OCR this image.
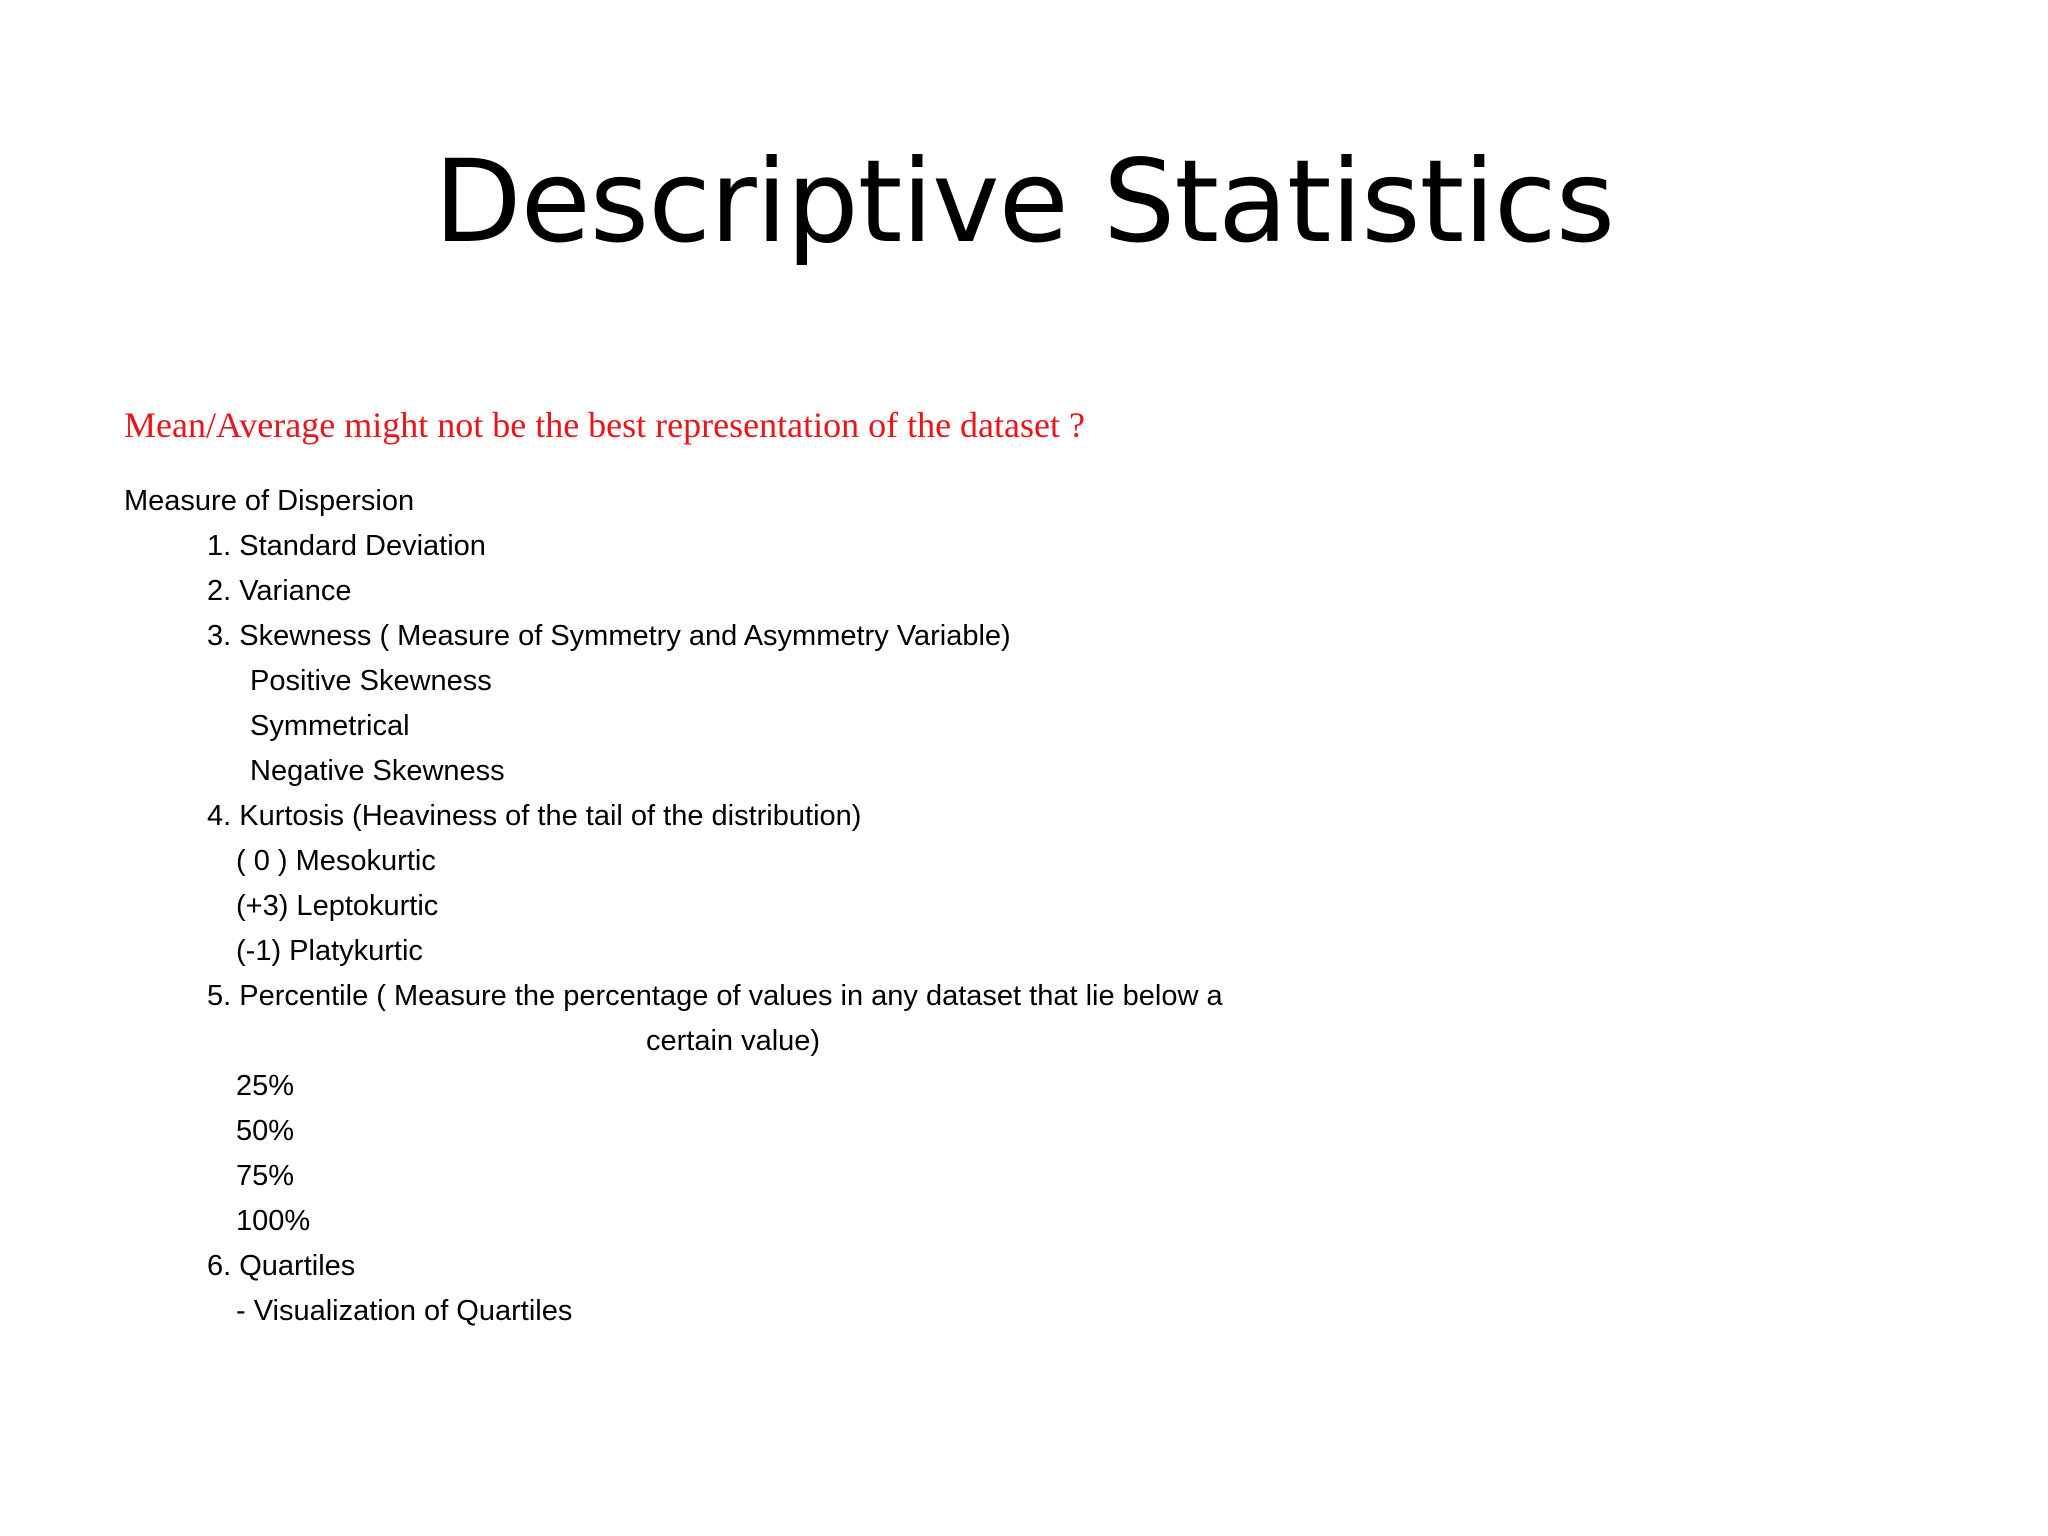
Descriptive Statistics
Mean/Average might not be the best representation of the dataset ?
Measure of Dispersion
1. Standard Deviation
2. Variance
3. Skewness ( Measure of Symmetry and Asymmetry Variable)
Positive Skewness
Symmetrical
Negative Skewness
4. Kurtosis (Heaviness of the tail of the distribution)
( 0 ) Mesokurtic
(+3) Leptokurtic
(-1) Platykurtic
5. Percentile ( Measure the percentage of values in any dataset that lie below a
certain value)
25%
50%
75%
100%
6. Quartiles
- Visualization of Quartiles
